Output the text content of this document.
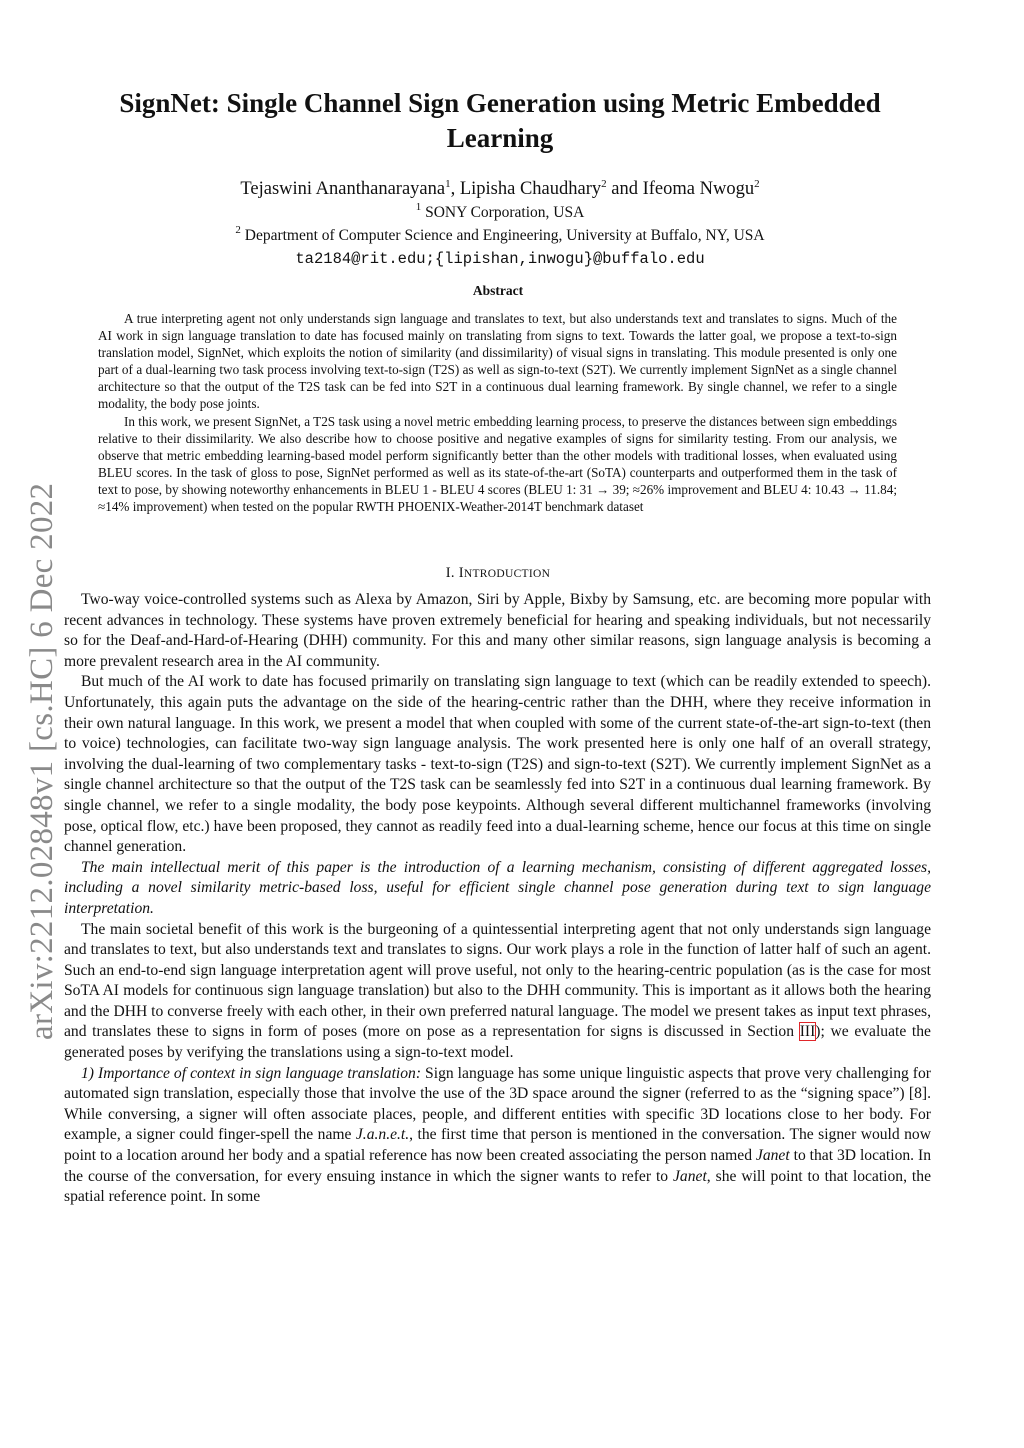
arXiv:2212.02848v1 [cs.HC] 6 Dec 2022
SignNet: Single Channel Sign Generation using Metric Embedded Learning
Tejaswini Ananthanarayana$^1$, Lipisha Chaudhary$^2$ and Ifeoma Nwogu$^2$
$^1$ SONY Corporation, USA
$^2$ Department of Computer Science and Engineering, University at Buffalo, NY, USA
ta2184@rit.edu;{lipishan,inwogu}@buffalo.edu
Abstract

A true interpreting agent not only understands sign language and translates to text, but also understands text and translates to signs. Much of the AI work in sign language translation to date has focused mainly on translating from signs to text. Towards the latter goal, we propose a text-to-sign translation model, SignNet, which exploits the notion of similarity (and dissimilarity) of visual signs in translating. This module presented is only one part of a dual-learning two task process involving text-to-sign (T2S) as well as sign-to-text (S2T). We currently implement SignNet as a single channel architecture so that the output of the T2S task can be fed into S2T in a continuous dual learning framework. By single channel, we refer to a single modality, the body pose joints.

In this work, we present SignNet, a T2S task using a novel metric embedding learning process, to preserve the distances between sign embeddings relative to their dissimilarity. We also describe how to choose positive and negative examples of signs for similarity testing. From our analysis, we observe that metric embedding learning-based model perform significantly better than the other models with traditional losses, when evaluated using BLEU scores. In the task of gloss to pose, SignNet performed as well as its state-of-the-art (SoTA) counterparts and outperformed them in the task of text to pose, by showing noteworthy enhancements in BLEU 1 - BLEU 4 scores (BLEU 1: 31 → 39; ≈26% improvement and BLEU 4: 10.43 → 11.84; ≈14% improvement) when tested on the popular RWTH PHOENIX-Weather-2014T benchmark dataset

I. INTRODUCTION

Two-way voice-controlled systems such as Alexa by Amazon, Siri by Apple, Bixby by Samsung, etc. are becoming more popular with recent advances in technology. These systems have proven extremely beneficial for hearing and speaking individuals, but not necessarily so for the Deaf-and-Hard-of-Hearing (DHH) community. For this and many other similar reasons, sign language analysis is becoming a more prevalent research area in the AI community.

But much of the AI work to date has focused primarily on translating sign language to text (which can be readily extended to speech). Unfortunately, this again puts the advantage on the side of the hearing-centric rather than the DHH, where they receive information in their own natural language. In this work, we present a model that when coupled with some of the current state-of-the-art sign-to-text (then to voice) technologies, can facilitate two-way sign language analysis. The work presented here is only one half of an overall strategy, involving the dual-learning of two complementary tasks - text-to-sign (T2S) and sign-to-text (S2T). We currently implement SignNet as a single channel architecture so that the output of the T2S task can be seamlessly fed into S2T in a continuous dual learning framework. By single channel, we refer to a single modality, the body pose keypoints. Although several different multichannel frameworks (involving pose, optical flow, etc.) have been proposed, they cannot as readily feed into a dual-learning scheme, hence our focus at this time on single channel generation.

The main intellectual merit of this paper is the introduction of a learning mechanism, consisting of different aggregated losses, including a novel similarity metric-based loss, useful for efficient single channel pose generation during text to sign language interpretation.

The main societal benefit of this work is the burgeoning of a quintessential interpreting agent that not only understands sign language and translates to text, but also understands text and translates to signs. Our work plays a role in the function of latter half of such an agent. Such an end-to-end sign language interpretation agent will prove useful, not only to the hearing-centric population (as is the case for most SoTA AI models for continuous sign language translation) but also to the DHH community. This is important as it allows both the hearing and the DHH to converse freely with each other, in their own preferred natural language. The model we present takes as input text phrases, and translates these to signs in form of poses (more on pose as a representation for signs is discussed in Section III); we evaluate the generated poses by verifying the translations using a sign-to-text model.

1) Importance of context in sign language translation: Sign language has some unique linguistic aspects that prove very challenging for automated sign translation, especially those that involve the use of the 3D space around the signer (referred to as the “signing space”) [8]. While conversing, a signer will often associate places, people, and different entities with specific 3D locations close to her body. For example, a signer could finger-spell the name J.a.n.e.t., the first time that person is mentioned in the conversation. The signer would now point to a location around her body and a spatial reference has now been created associating the person named Janet to that 3D location. In the course of the conversation, for every ensuing instance in which the signer wants to refer to Janet, she will point to that location, the spatial reference point. In some
